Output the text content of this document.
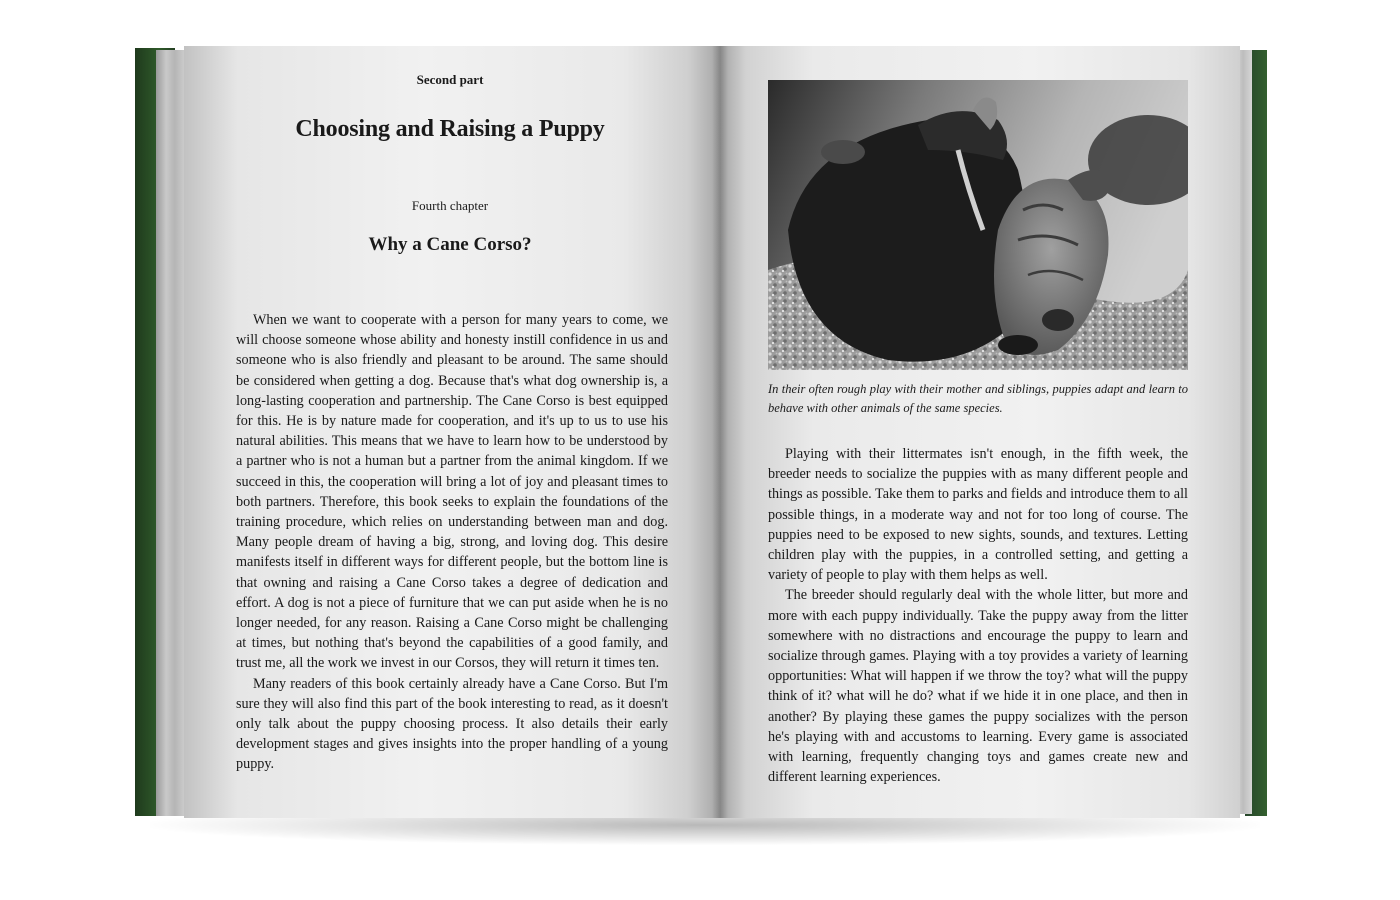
Second part
Choosing and Raising a Puppy
Fourth chapter
Why a Cane Corso?

When we want to cooperate with a person for many years to come, we will choose someone whose ability and honesty instill confidence in us and someone who is also friendly and pleasant to be around. The same should be considered when getting a dog. Because that's what dog ownership is, a long-lasting cooperation and partnership. The Cane Corso is best equipped for this. He is by nature made for cooperation, and it's up to us to use his natural abilities. This means that we have to learn how to be understood by a partner who is not a human but a partner from the animal kingdom. If we succeed in this, the cooperation will bring a lot of joy and pleasant times to both partners. Therefore, this book seeks to explain the foundations of the training procedure, which relies on understanding between man and dog. Many people dream of having a big, strong, and loving dog. This desire manifests itself in different ways for different people, but the bottom line is that owning and raising a Cane Corso takes a degree of dedication and effort. A dog is not a piece of furniture that we can put aside when he is no longer needed, for any reason. Raising a Cane Corso might be challenging at times, but nothing that's beyond the capabilities of a good family, and trust me, all the work we invest in our Corsos, they will return it times ten.

Many readers of this book certainly already have a Cane Corso. But I'm sure they will also find this part of the book interesting to read, as it doesn't only talk about the puppy choosing process. It also details their early development stages and gives insights into the proper handling of a young puppy.

In their often rough play with their mother and siblings, puppies adapt and learn to behave with other animals of the same species.

Playing with their littermates isn't enough, in the fifth week, the breeder needs to socialize the puppies with as many different people and things as possible. Take them to parks and fields and introduce them to all possible things, in a moderate way and not for too long of course. The puppies need to be exposed to new sights, sounds, and textures. Letting children play with the puppies, in a controlled setting, and getting a variety of people to play with them helps as well.

The breeder should regularly deal with the whole litter, but more and more with each puppy individually. Take the puppy away from the litter somewhere with no distractions and encourage the puppy to learn and socialize through games. Playing with a toy provides a variety of learning opportunities: What will happen if we throw the toy? what will the puppy think of it? what will he do? what if we hide it in one place, and then in another? By playing these games the puppy socializes with the person he's playing with and accustoms to learning. Every game is associated with learning, frequently changing toys and games create new and different learning experiences.
